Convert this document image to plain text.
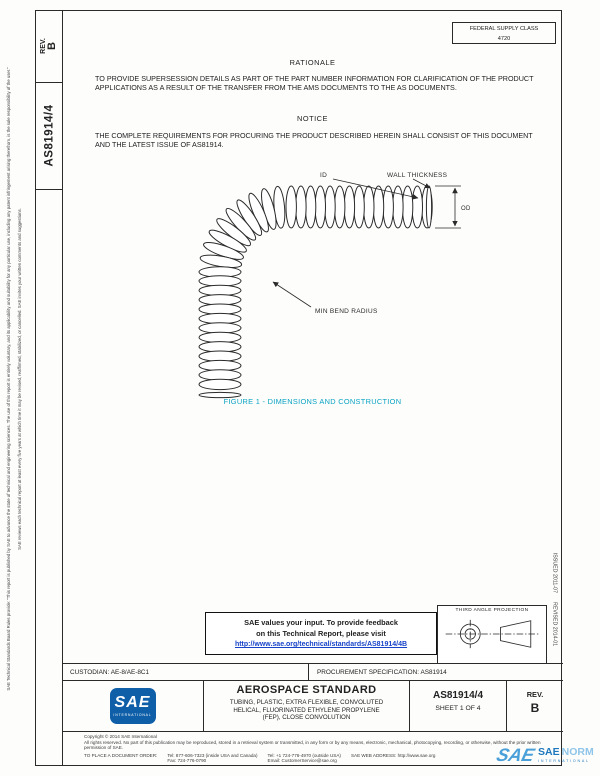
SAE Technical Standards Board Rules provide: "This report is published by SAE to advance the state of technical and engineering sciences. The use of this report is entirely voluntary, and its applicability and suitability for any particular use, including any patent infringement arising therefrom, is the sole responsibility of the user."	SAE reviews each technical report at least every five years at which time it may be revised, reaffirmed, stabilized, or cancelled. SAE invites your written comments and suggestions.
REV. B
AS81914/4
ISSUED 2011-07
REVISED 2014-01
FEDERAL SUPPLY CLASS
4720
RATIONALE
TO PROVIDE SUPERSESSION DETAILS AS PART OF THE PART NUMBER INFORMATION FOR CLARIFICATION OF THE PRODUCT APPLICATIONS AS A RESULT OF THE TRANSFER FROM THE AMS DOCUMENTS TO THE AS DOCUMENTS.
NOTICE
THE COMPLETE REQUIREMENTS FOR PROCURING THE PRODUCT DESCRIBED HEREIN SHALL CONSIST OF THIS DOCUMENT AND THE LATEST ISSUE OF AS81914.
ID	WALL THICKNESS
OD
MIN BEND RADIUS
FIGURE 1 - DIMENSIONS AND CONSTRUCTION
SAE values your input. To provide feedback
on this Technical Report, please visit
http://www.sae.org/technical/standards/AS81914/4B
THIRD ANGLE PROJECTION
CUSTODIAN: AE-8/AE-8C1	PROCUREMENT SPECIFICATION: AS81914
SAE
INTERNATIONAL
AEROSPACE STANDARD
TUBING, PLASTIC, EXTRA FLEXIBLE, CONVOLUTED
HELICAL, FLUORINATED ETHYLENE PROPYLENE
(FEP), CLOSE CONVOLUTION
AS81914/4
SHEET 1 OF 4
REV.
B
Copyright © 2014 SAE International
All rights reserved. No part of this publication may be reproduced, stored in a retrieval system or transmitted, in any form or by any means, electronic, mechanical, photocopying, recording, or otherwise, without the prior written permission of SAE.
TO PLACE A DOCUMENT ORDER: Tel: 877-606-7323 (inside USA and Canada)
Fax: 724-776-0790
Tel: +1 724-776-4970 (outside USA)
Email: CustomerService@sae.org
SAE WEB ADDRESS: http://www.sae.org	SAE SAE NORM
INTERNATIONAL
